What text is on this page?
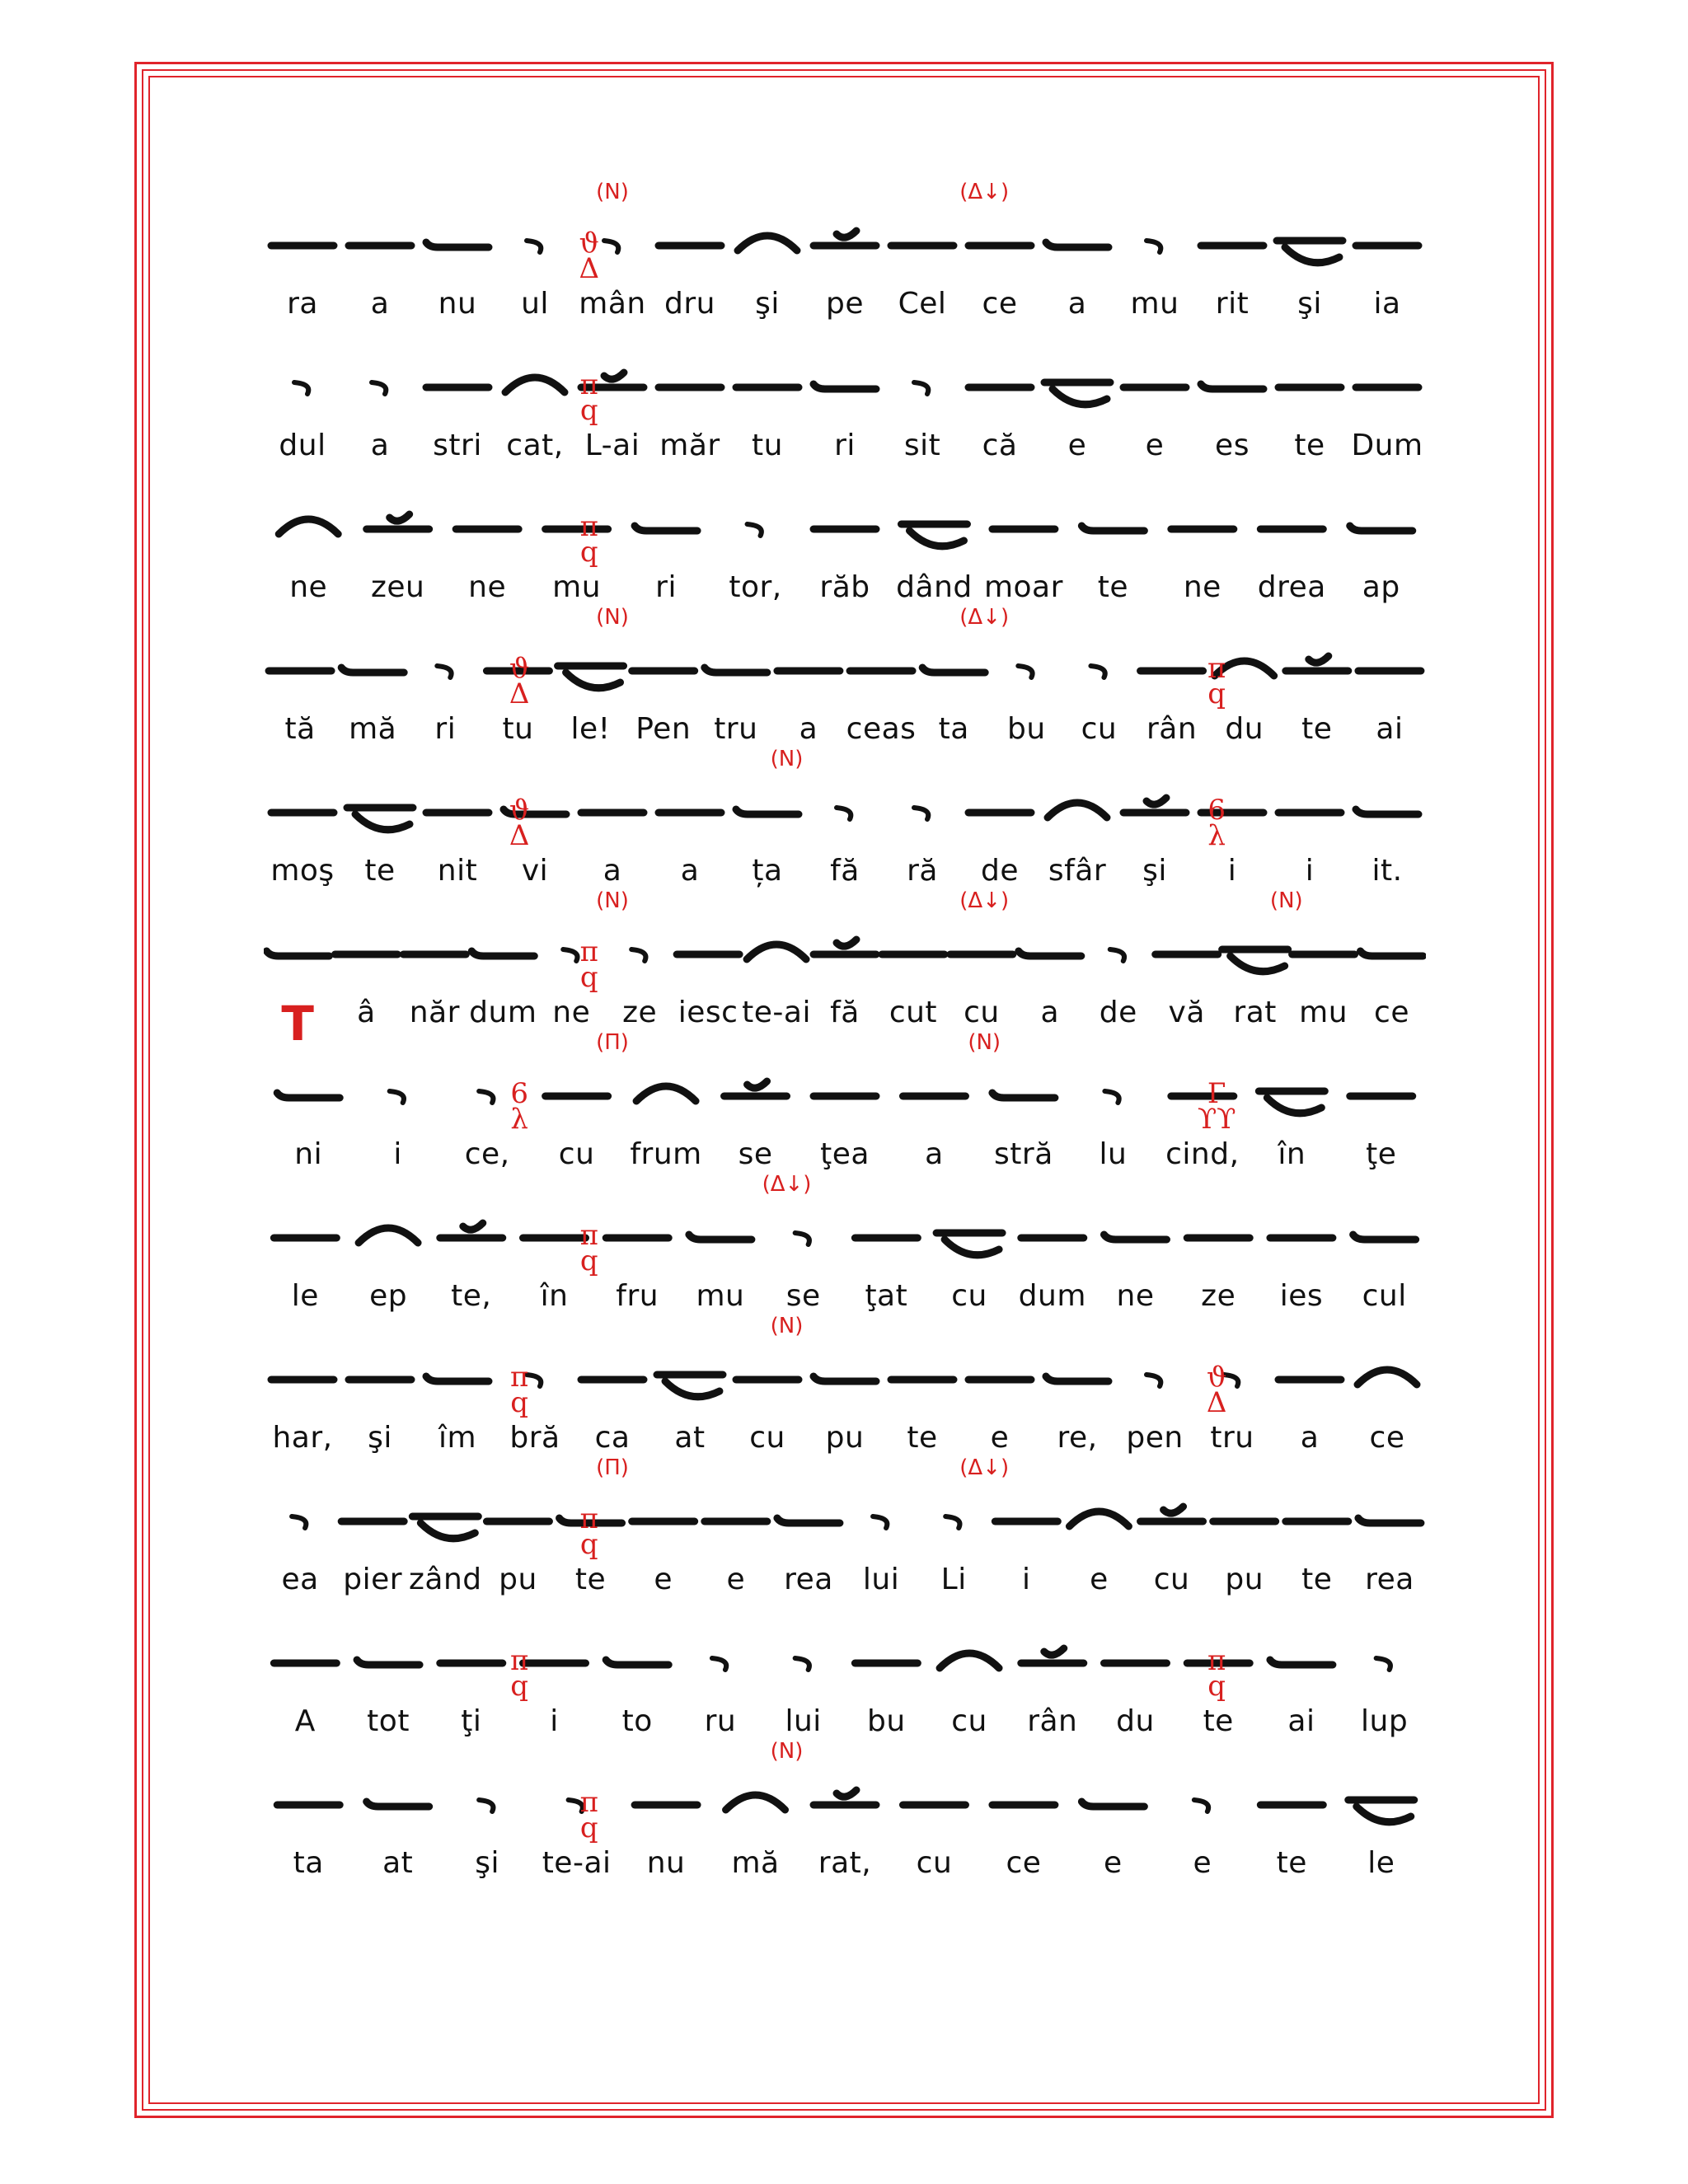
(N)	(Δ↓)
ϑ
Δ
ra a nu ul mân dru şi pe Cel ce a mu rit şi ia
π
q
dul a stri cat, L-ai măr tu ri sit că e e es te Dum
π
q
ne zeu ne mu ri tor, răb dând moar te ne drea ap
(N)	(Δ↓)
ϑ
Δ
π
q
tă mă ri tu le! Pen tru a ceas ta bu cu rân du te ai
(N)
ϑ
Δ
6
λ
moş te nit vi a a ța fă ră de sfâr şi i i it.
(N)	(Δ↓)	(N)
π
q
T â năr dum ne ze iesc te-ai fă cut cu a de vă rat mu ce
(Π)	(N)
6
λ
Г
ϒϒ
ni i ce, cu frum se ţea a stră lu cind, în ţe
(Δ↓)
π
q
le ep te, în fru mu se ţat cu dum ne ze ies cul
(N)
π
q
ϑ
Δ
har, şi îm bră ca at cu pu te e re, pen tru a ce
(Π)	(Δ↓)
π
q
ea pier zând pu te e e rea lui Li i e cu pu te rea
π
q
π
q
A tot ţi i to ru lui bu cu rân du te ai lup
(N)
π
q
ta at şi te-ai nu mă rat, cu ce e e te le
